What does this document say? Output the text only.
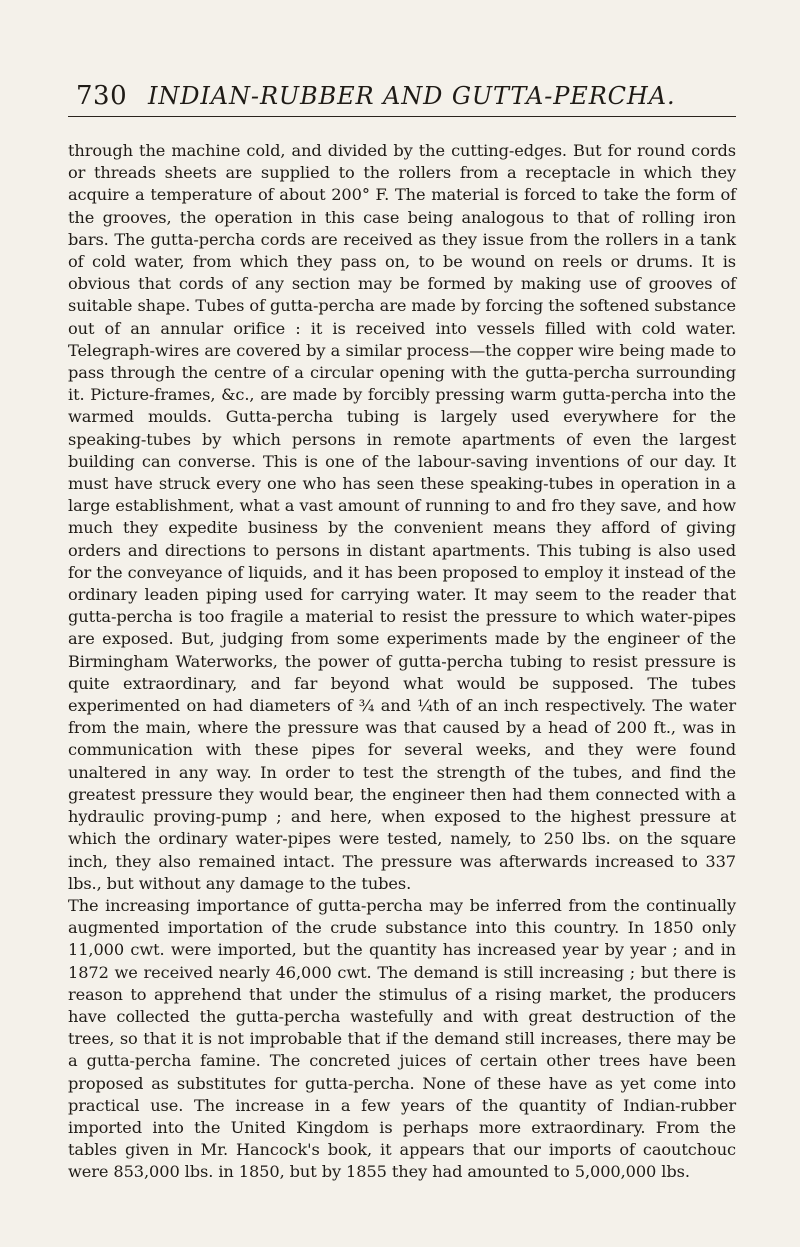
730 INDIAN-RUBBER AND GUTTA-PERCHA.

through the machine cold, and divided by the cutting-edges. But for round cords or threads sheets are supplied to the rollers from a receptacle in which they acquire a temperature of about 200° F. The material is forced to take the form of the grooves, the operation in this case being analogous to that of rolling iron bars. The gutta-percha cords are received as they issue from the rollers in a tank of cold water, from which they pass on, to be wound on reels or drums. It is obvious that cords of any section may be formed by making use of grooves of suitable shape. Tubes of gutta-percha are made by forcing the softened substance out of an annular orifice : it is received into vessels filled with cold water. Telegraph-wires are covered by a similar process—the copper wire being made to pass through the centre of a circular opening with the gutta-percha surrounding it. Picture-frames, &c., are made by forcibly pressing warm gutta-percha into the warmed moulds. Gutta-percha tubing is largely used everywhere for the speaking-tubes by which persons in remote apartments of even the largest building can converse. This is one of the labour-saving inventions of our day. It must have struck every one who has seen these speaking-tubes in operation in a large establishment, what a vast amount of running to and fro they save, and how much they expedite business by the convenient means they afford of giving orders and directions to persons in distant apartments. This tubing is also used for the conveyance of liquids, and it has been proposed to employ it instead of the ordinary leaden piping used for carrying water. It may seem to the reader that gutta-percha is too fragile a material to resist the pressure to which water-pipes are exposed. But, judging from some experiments made by the engineer of the Birmingham Waterworks, the power of gutta-percha tubing to resist pressure is quite extraordinary, and far beyond what would be supposed. The tubes experimented on had diameters of ¾ and ¼th of an inch respectively. The water from the main, where the pressure was that caused by a head of 200 ft., was in communication with these pipes for several weeks, and they were found unaltered in any way. In order to test the strength of the tubes, and find the greatest pressure they would bear, the engineer then had them connected with a hydraulic proving-pump ; and here, when exposed to the highest pressure at which the ordinary water-pipes were tested, namely, to 250 lbs. on the square inch, they also remained intact. The pressure was afterwards increased to 337 lbs., but without any damage to the tubes.

The increasing importance of gutta-percha may be inferred from the continually augmented importation of the crude substance into this country. In 1850 only 11,000 cwt. were imported, but the quantity has increased year by year ; and in 1872 we received nearly 46,000 cwt. The demand is still increasing ; but there is reason to apprehend that under the stimulus of a rising market, the producers have collected the gutta-percha wastefully and with great destruction of the trees, so that it is not improbable that if the demand still increases, there may be a gutta-percha famine. The concreted juices of certain other trees have been proposed as substitutes for gutta-percha. None of these have as yet come into practical use. The increase in a few years of the quantity of Indian-rubber imported into the United Kingdom is perhaps more extraordinary. From the tables given in Mr. Hancock's book, it appears that our imports of caoutchouc were 853,000 lbs. in 1850, but by 1855 they had amounted to 5,000,000 lbs.
